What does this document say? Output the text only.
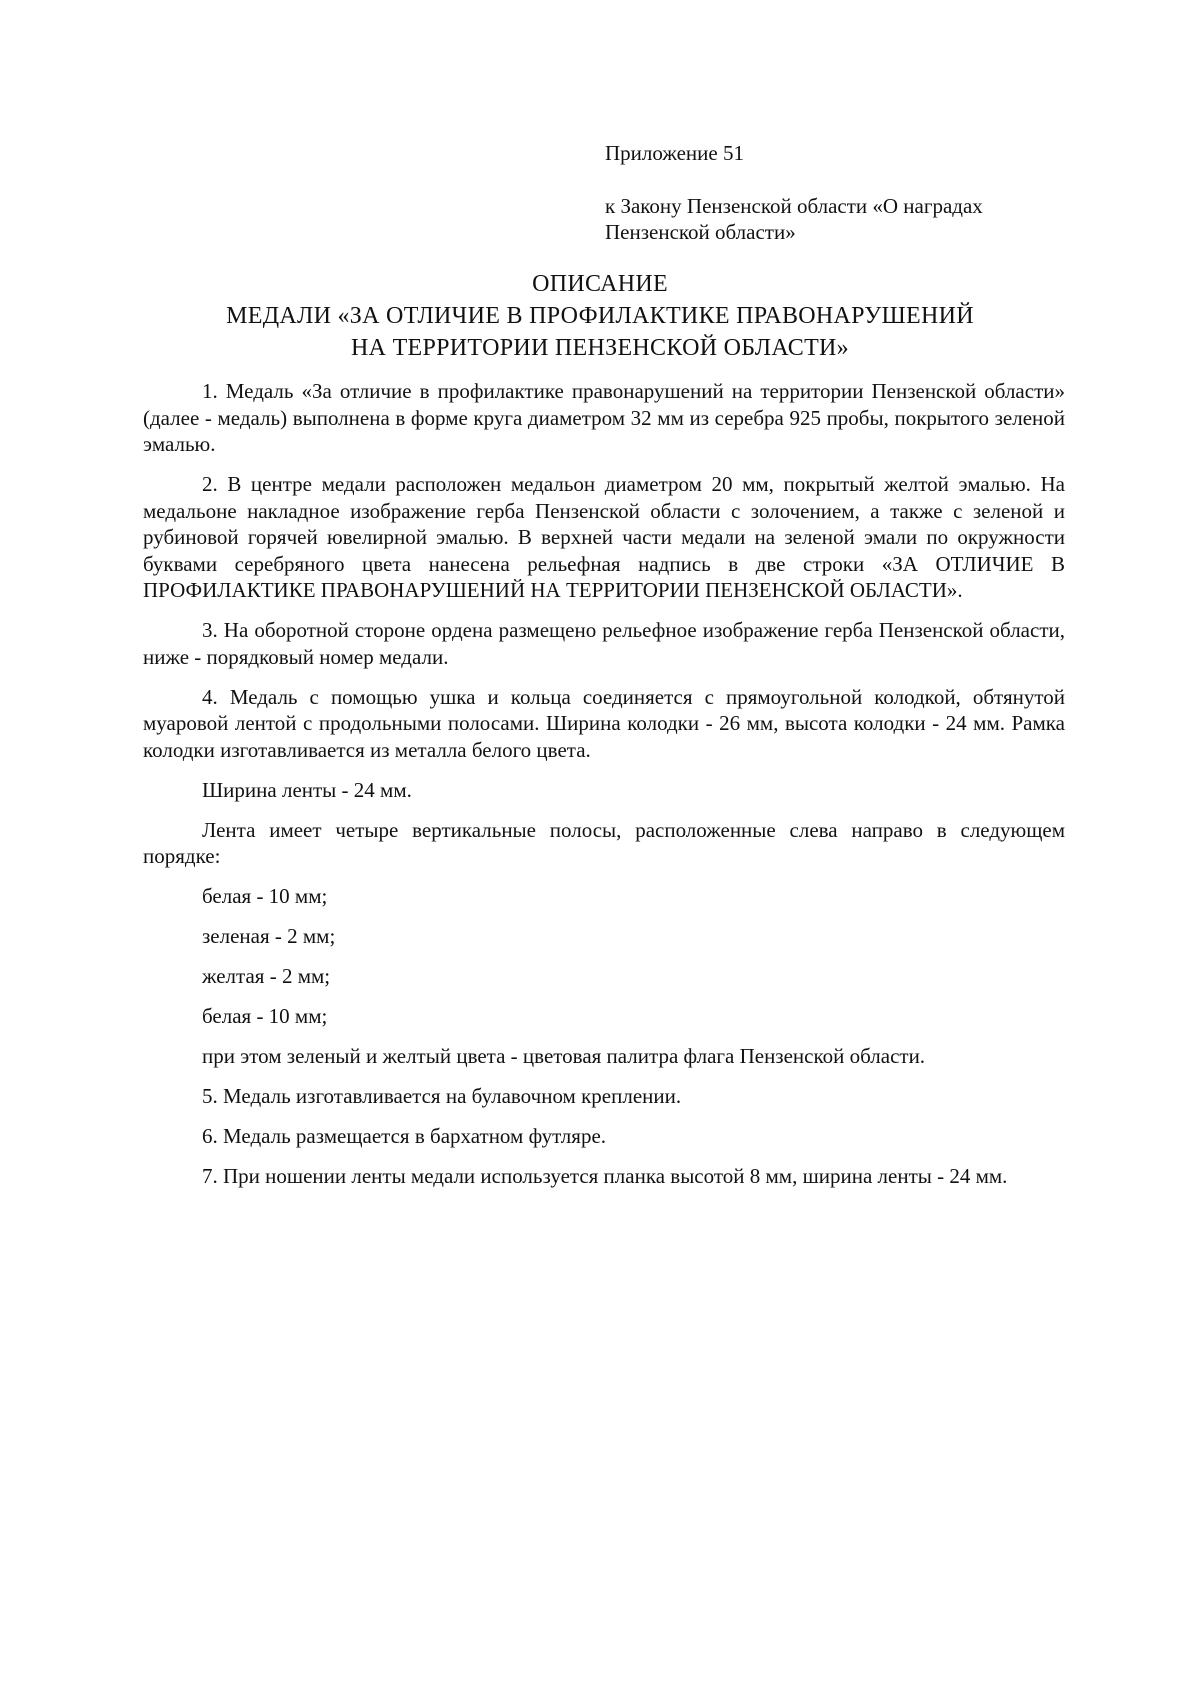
Приложение 51
к Закону Пензенской области «О наградах
Пензенской области»
ОПИСАНИЕ
МЕДАЛИ «ЗА ОТЛИЧИЕ В ПРОФИЛАКТИКЕ ПРАВОНАРУШЕНИЙ
НА ТЕРРИТОРИИ ПЕНЗЕНСКОЙ ОБЛАСТИ»

1. Медаль «За отличие в профилактике правонарушений на территории Пензенской области» (далее - медаль) выполнена в форме круга диаметром 32 мм из серебра 925 пробы, покрытого зеленой эмалью.

2. В центре медали расположен медальон диаметром 20 мм, покрытый желтой эмалью. На медальоне накладное изображение герба Пензенской области с золочением, а также с зеленой и рубиновой горячей ювелирной эмалью. В верхней части медали на зеленой эмали по окружности буквами серебряного цвета нанесена рельефная надпись в две строки «ЗА ОТЛИЧИЕ В ПРОФИЛАКТИКЕ ПРАВОНАРУШЕНИЙ НА ТЕРРИТОРИИ ПЕНЗЕНСКОЙ ОБЛАСТИ».

3. На оборотной стороне ордена размещено рельефное изображение герба Пензенской области, ниже - порядковый номер медали.

4. Медаль с помощью ушка и кольца соединяется с прямоугольной колодкой, обтянутой муаровой лентой с продольными полосами. Ширина колодки - 26 мм, высота колодки - 24 мм. Рамка колодки изготавливается из металла белого цвета.

Ширина ленты - 24 мм.

Лента имеет четыре вертикальные полосы, расположенные слева направо в следующем порядке:

белая - 10 мм;

зеленая - 2 мм;

желтая - 2 мм;

белая - 10 мм;

при этом зеленый и желтый цвета - цветовая палитра флага Пензенской области.

5. Медаль изготавливается на булавочном креплении.

6. Медаль размещается в бархатном футляре.

7. При ношении ленты медали используется планка высотой 8 мм, ширина ленты - 24 мм.
